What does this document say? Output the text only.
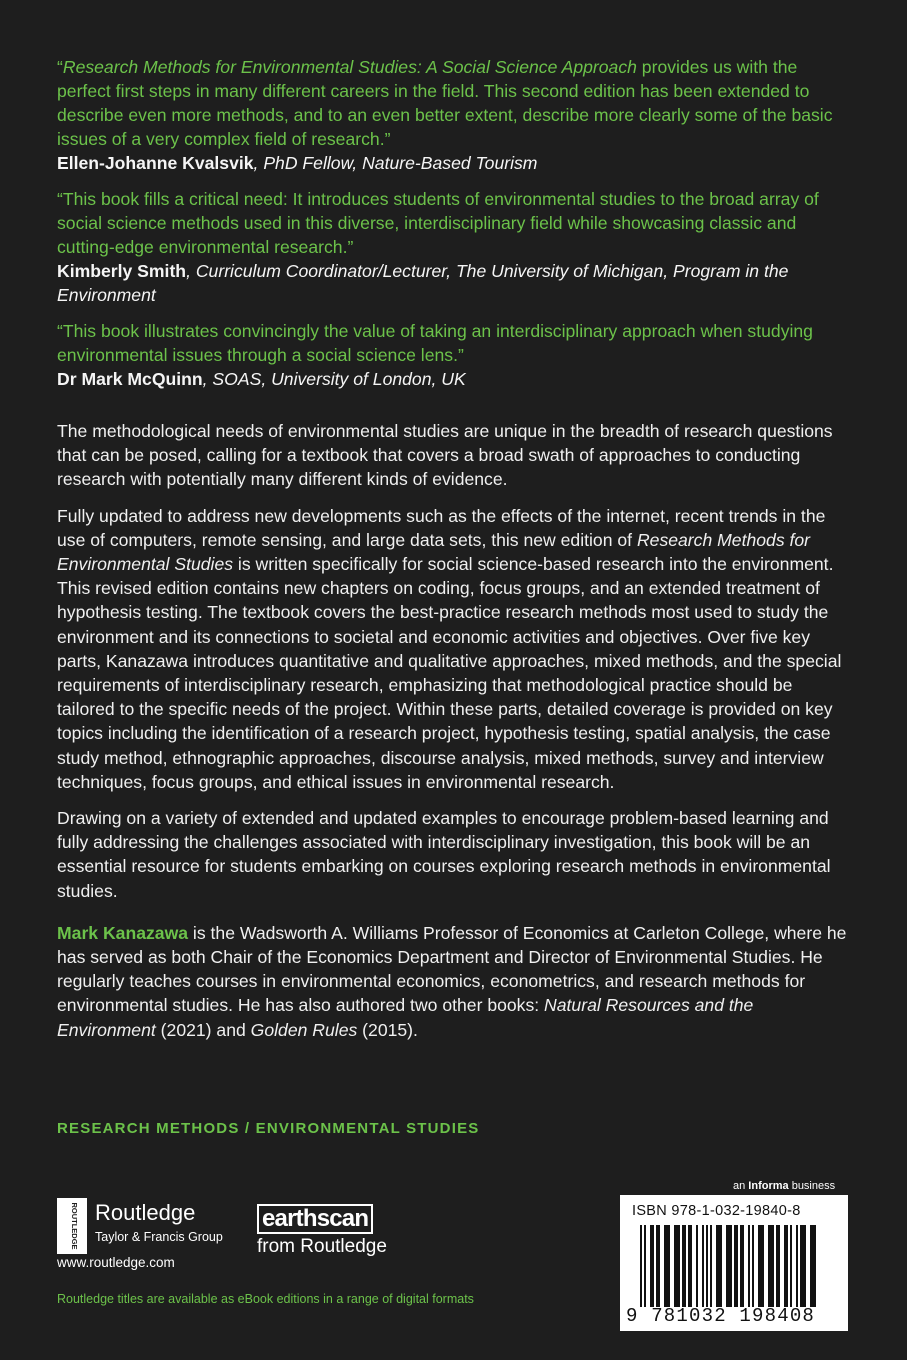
“Research Methods for Environmental Studies: A Social Science Approach provides us with the perfect first steps in many different careers in the field. This second edition has been extended to describe even more methods, and to an even better extent, describe more clearly some of the basic issues of a very complex field of research.”

Ellen-Johanne Kvalsvik, PhD Fellow, Nature-Based Tourism

“This book fills a critical need: It introduces students of environmental studies to the broad array of social science methods used in this diverse, interdisciplinary field while showcasing classic and cutting-edge environmental research.”

Kimberly Smith, Curriculum Coordinator/Lecturer, The University of Michigan, Program in the Environment

“This book illustrates convincingly the value of taking an interdisciplinary approach when studying environmental issues through a social science lens.”

Dr Mark McQuinn, SOAS, University of London, UK

The methodological needs of environmental studies are unique in the breadth of research questions that can be posed, calling for a textbook that covers a broad swath of approaches to conducting research with potentially many different kinds of evidence.

Fully updated to address new developments such as the effects of the internet, recent trends in the use of computers, remote sensing, and large data sets, this new edition of Research Methods for Environmental Studies is written specifically for social science-based research into the environment. This revised edition contains new chapters on coding, focus groups, and an extended treatment of hypothesis testing. The textbook covers the best-practice research methods most used to study the environment and its connections to societal and economic activities and objectives. Over five key parts, Kanazawa introduces quantitative and qualitative approaches, mixed methods, and the special requirements of interdisciplinary research, emphasizing that methodological practice should be tailored to the specific needs of the project. Within these parts, detailed coverage is provided on key topics including the identification of a research project, hypothesis testing, spatial analysis, the case study method, ethnographic approaches, discourse analysis, mixed methods, survey and interview techniques, focus groups, and ethical issues in environmental research.

Drawing on a variety of extended and updated examples to encourage problem-based learning and fully addressing the challenges associated with interdisciplinary investigation, this book will be an essential resource for students embarking on courses exploring research methods in environmental studies.

Mark Kanazawa is the Wadsworth A. Williams Professor of Economics at Carleton College, where he has served as both Chair of the Economics Department and Director of Environmental Studies. He regularly teaches courses in environmental economics, econometrics, and research methods for environmental studies. He has also authored two other books: Natural Resources and the Environment (2021) and Golden Rules (2015).

RESEARCH METHODS / ENVIRONMENTAL STUDIES
ROUTLEDGE Routledge
Taylor & Francis Group
earthscan
from Routledge
www.routledge.com
Routledge titles are available as eBook editions in a range of digital formats
an Informa business
ISBN 978-1-032-19840-8
9 781032 198408
